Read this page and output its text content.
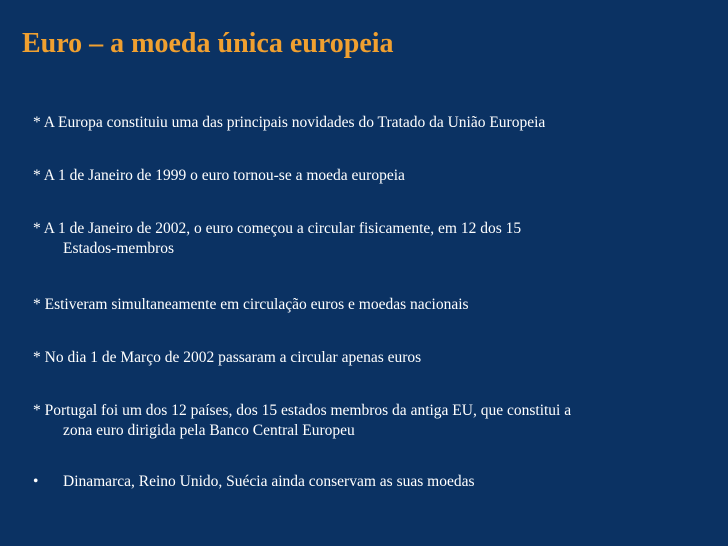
Euro – a moeda única europeia
* A Europa constituiu uma das principais novidades do Tratado da União Europeia
* A 1 de Janeiro de 1999 o euro tornou-se a moeda europeia
* A 1 de Janeiro de 2002, o euro começou a circular fisicamente, em 12 dos 15
Estados-membros
* Estiveram simultaneamente em circulação euros e moedas nacionais
* No dia 1 de Março de 2002 passaram a circular apenas euros
* Portugal foi um dos 12 países, dos 15 estados membros da antiga EU, que constitui a
zona euro dirigida pela Banco Central Europeu
• Dinamarca, Reino Unido, Suécia ainda conservam as suas moedas
